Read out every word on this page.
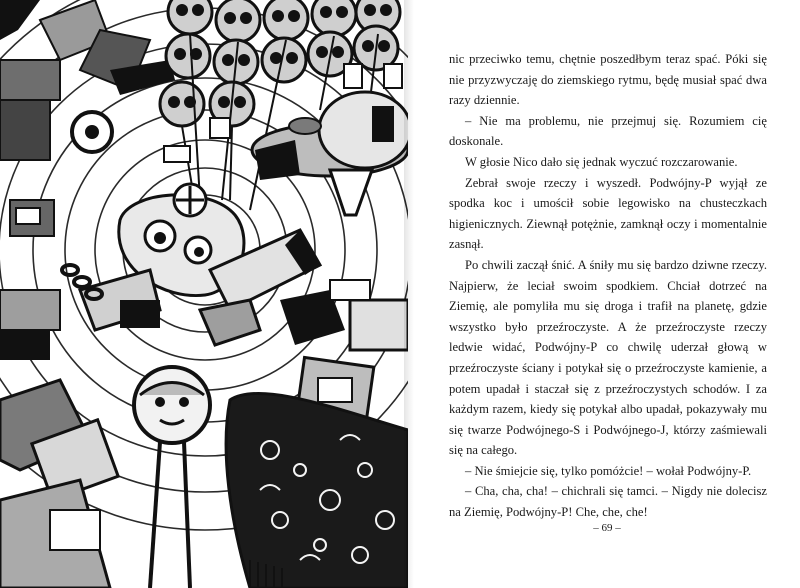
nic przeciwko temu, chętnie poszedłbym teraz spać. Póki się nie przyzwyczaję do ziemskiego rytmu, będę musiał spać dwa razy dziennie.

– Nie ma problemu, nie przejmuj się. Rozumiem cię doskonale.

W głosie Nico dało się jednak wyczuć rozczarowanie.

Zebrał swoje rzeczy i wyszedł. Podwójny-P wyjął ze spodka koc i umościł sobie legowisko na chusteczkach higienicznych. Ziewnął potężnie, zamknął oczy i momentalnie zasnął.

Po chwili zaczął śnić. A śniły mu się bardzo dziwne rzeczy. Najpierw, że leciał swoim spodkiem. Chciał dotrzeć na Ziemię, ale pomyliła mu się droga i trafił na planetę, gdzie wszystko było przeźroczyste. A że przeźroczyste rzeczy ledwie widać, Podwójny-P co chwilę uderzał głową w przeźroczyste ściany i potykał się o przeźroczyste kamienie, a potem upadał i staczał się z przeźroczystych schodów. I za każdym razem, kiedy się potykał albo upadał, pokazywały mu się twarze Podwójnego-S i Podwójnego-J, którzy zaśmiewali się na całego.

– Nie śmiejcie się, tylko pomóżcie! – wołał Podwójny-P.

– Cha, cha, cha! – chichrali się tamci. – Nigdy nie dolecisz na Ziemię, Podwójny-P! Che, che, che!

– 69 –
